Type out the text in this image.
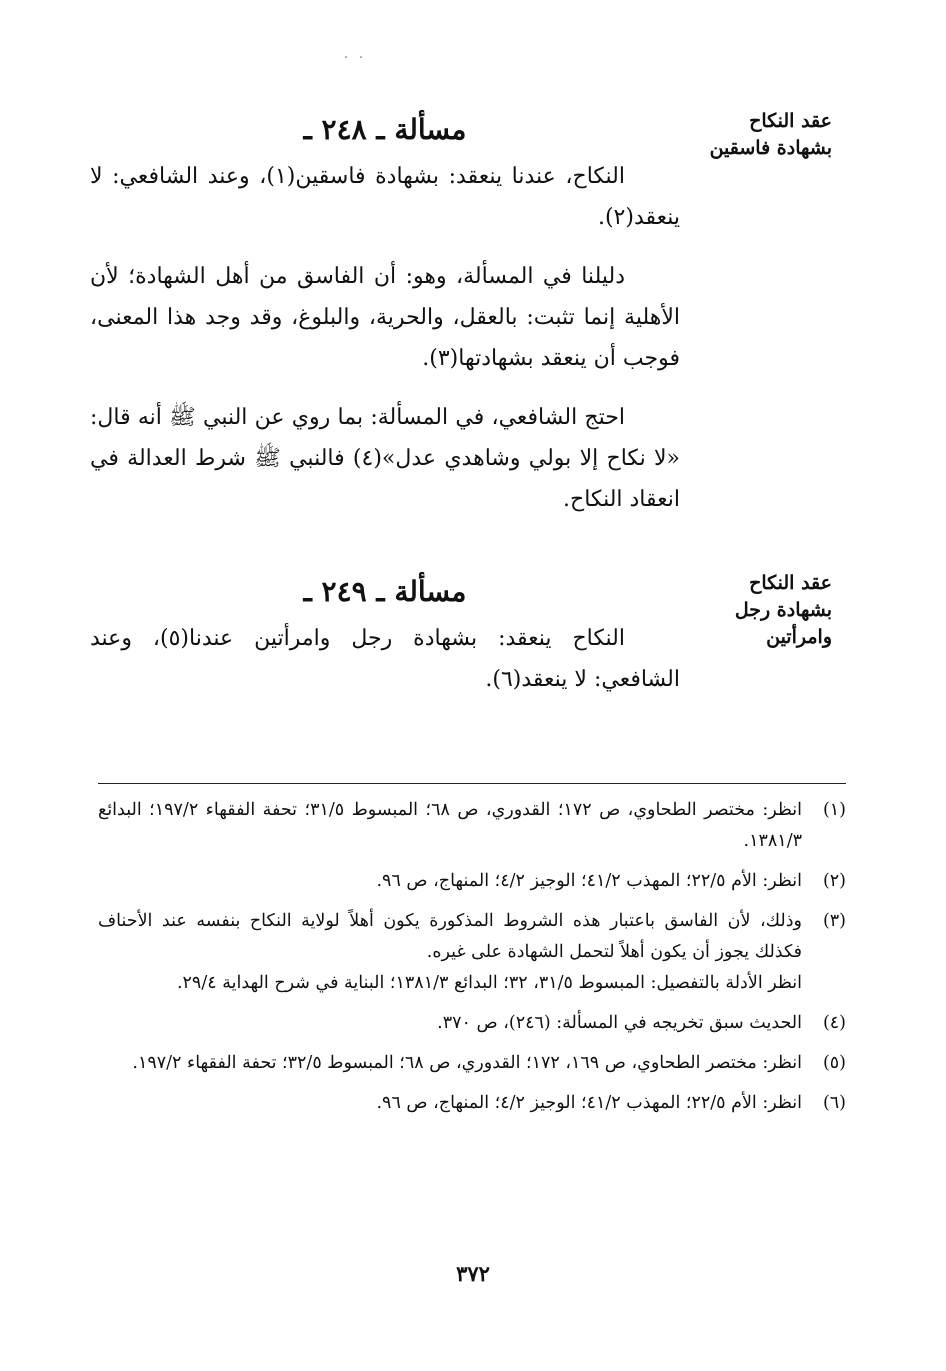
· ·
عقد النكاح
بشهادة فاسقين
مسألة ـ ٢٤٨ ـ

النكاح، عندنا ينعقد: بشهادة فاسقين(١)، وعند الشافعي: لا ينعقد(٢).

دليلنا في المسألة، وهو: أن الفاسق من أهل الشهادة؛ لأن الأهلية إنما تثبت: بالعقل، والحرية، والبلوغ، وقد وجد هذا المعنى، فوجب أن ينعقد بشهادتها(٣).

احتج الشافعي، في المسألة: بما روي عن النبي ﷺ أنه قال: «لا نكاح إلا بولي وشاهدي عدل»(٤) فالنبي ﷺ شرط العدالة في انعقاد النكاح.

عقد النكاح
بشهادة رجل
وامرأتين
مسألة ـ ٢٤٩ ـ

النكاح ينعقد: بشهادة رجل وامرأتين عندنا(٥)، وعند الشافعي: لا ينعقد(٦).

(١)

انظر: مختصر الطحاوي، ص ١٧٢؛ القدوري، ص ٦٨؛ المبسوط ٣١/٥؛ تحفة الفقهاء ١٩٧/٢؛ البدائع ١٣٨١/٣.

(٢)

انظر: الأم ٢٢/٥؛ المهذب ٤١/٢؛ الوجيز ٤/٢؛ المنهاج، ص ٩٦.

(٣)

وذلك، لأن الفاسق باعتبار هذه الشروط المذكورة يكون أهلاً لولاية النكاح بنفسه عند الأحناف فكذلك يجوز أن يكون أهلاً لتحمل الشهادة على غيره.

انظر الأدلة بالتفصيل: المبسوط ٣١/٥، ٣٢؛ البدائع ١٣٨١/٣؛ البناية في شرح الهداية ٢٩/٤.

(٤)

الحديث سبق تخريجه في المسألة: (٢٤٦)، ص ٣٧٠.

(٥)

انظر: مختصر الطحاوي، ص ١٦٩، ١٧٢؛ القدوري، ص ٦٨؛ المبسوط ٣٢/٥؛ تحفة الفقهاء ١٩٧/٢.

(٦)

انظر: الأم ٢٢/٥؛ المهذب ٤١/٢؛ الوجيز ٤/٢؛ المنهاج، ص ٩٦.

٣٧٢
